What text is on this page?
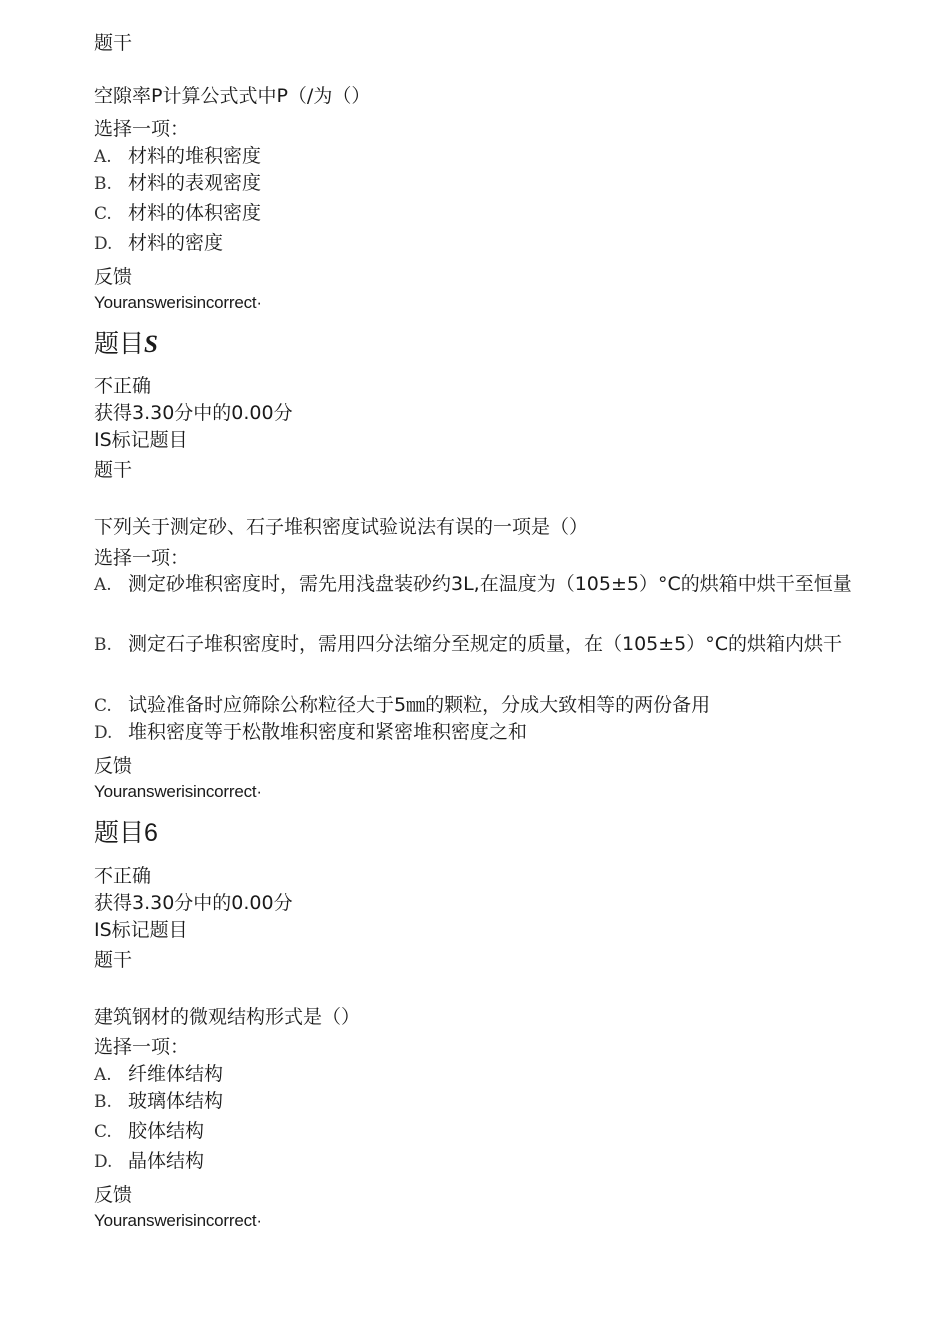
题干
空隙率P计算公式式中P（/为（）
选择一项：
A. 材料的堆积密度
B. 材料的表观密度
C. 材料的体积密度
D. 材料的密度
反馈
Youranswerisincorrect·
题目S
不正确
获得3.30分中的0.00分
IS标记题目
题干
下列关于测定砂、石子堆积密度试验说法有误的一项是（）
选择一项：
A. 测定砂堆积密度时，需先用浅盘装砂约3L,在温度为（105±5）°C的烘箱中烘干至恒量
B. 测定石子堆积密度时，需用四分法缩分至规定的质量，在（105±5）°C的烘箱内烘干
C. 试验准备时应筛除公称粒径大于5㎜的颗粒，分成大致相等的两份备用
D. 堆积密度等于松散堆积密度和紧密堆积密度之和
反馈
Youranswerisincorrect·
题目6
不正确
获得3.30分中的0.00分
IS标记题目
题干
建筑钢材的微观结构形式是（）
选择一项：
A. 纤维体结构
B. 玻璃体结构
C. 胶体结构
D. 晶体结构
反馈
Youranswerisincorrect·
